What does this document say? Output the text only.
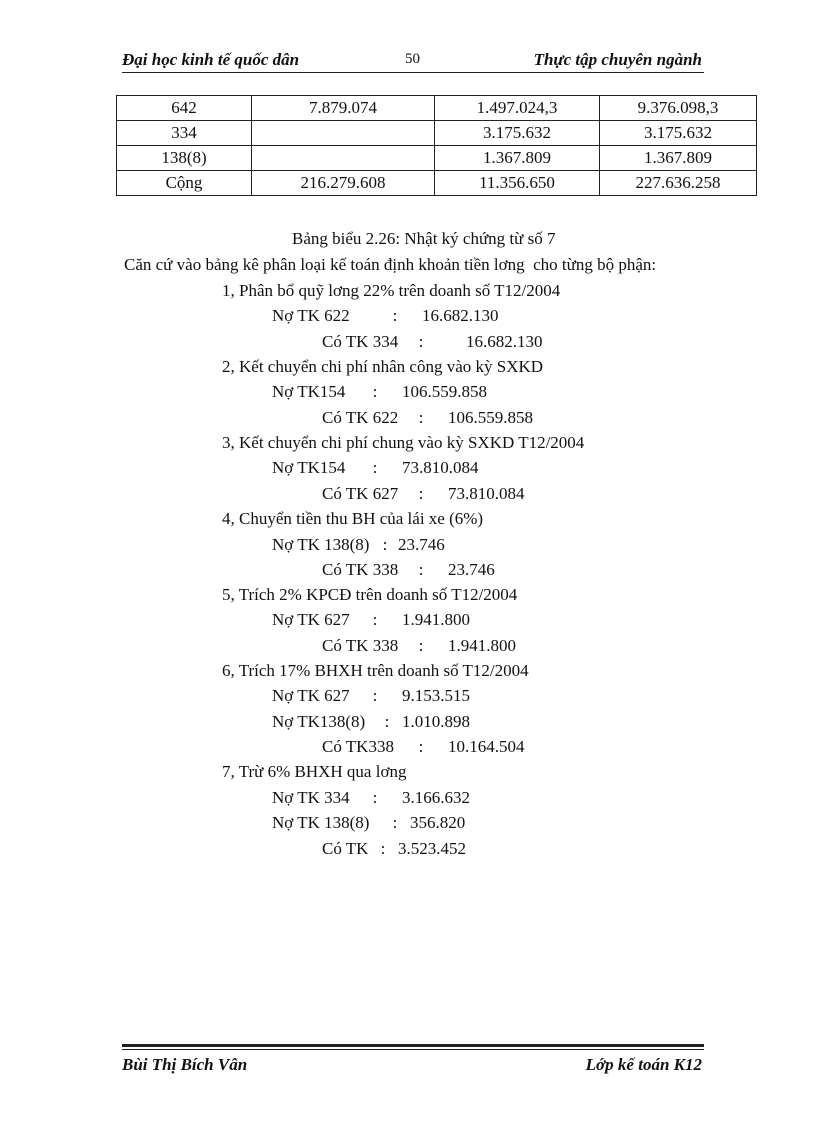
Đại học kinh tế quốc dân	50	Thực tập chuyên ngành
642	7.879.074	1.497.024,3	9.376.098,3
334		3.175.632	3.175.632
138(8)		1.367.809	1.367.809
Cộng	216.279.608	11.356.650	227.636.258
Bảng biểu 2.26: Nhật ký chứng từ số 7
Căn cứ vào bảng kê phân loại kế toán định khoản tiền lơng  cho từng bộ phận:
1, Phân bổ quỹ lơng 22% trên doanh số T12/2004
Nợ TK 622	: 16.682.130
Có TK 334 :	16.682.130
2, Kết chuyển chi phí nhân công vào kỳ SXKD
Nợ TK154 : 106.559.858
Có TK 622 : 106.559.858
3, Kết chuyển chi phí chung vào kỳ SXKD T12/2004
Nợ TK154 : 73.810.084
Có TK 627 : 73.810.084
4, Chuyển tiền thu BH của lái xe (6%)
Nợ TK 138(8) : 23.746
Có TK 338 : 23.746
5, Trích 2% KPCĐ trên doanh số T12/2004
Nợ TK 627 : 1.941.800
Có TK 338 : 1.941.800
6, Trích 17% BHXH trên doanh số T12/2004
Nợ TK 627 : 9.153.515
Nợ TK138(8) : 1.010.898
Có TK338 : 10.164.504
7, Trừ 6% BHXH qua lơng
Nợ TK 334 : 3.166.632
Nợ TK 138(8) : 356.820
Có TK : 3.523.452
Bùi Thị Bích Vân	Lớp kế toán K12
